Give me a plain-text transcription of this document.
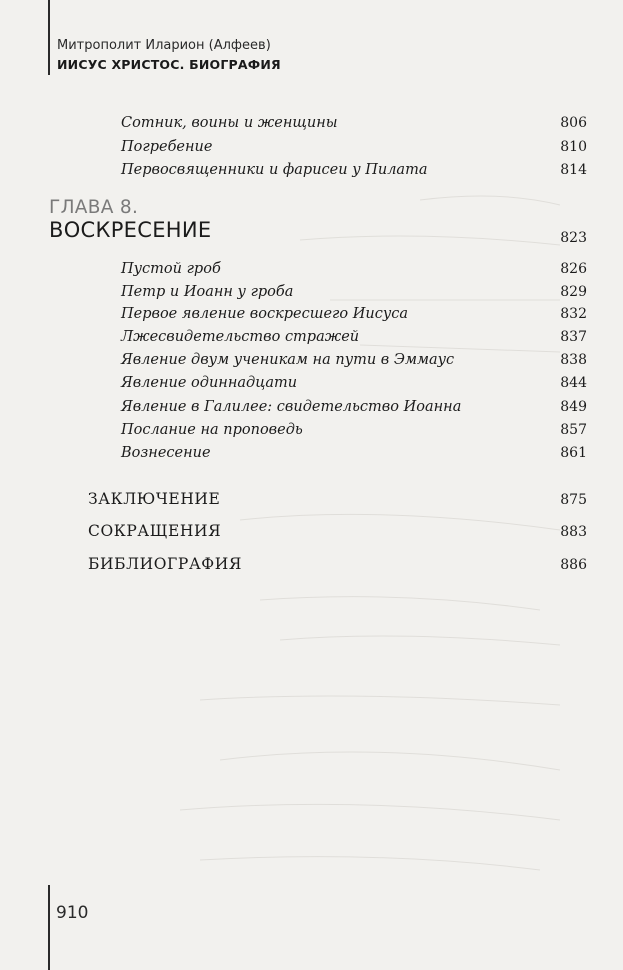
Митрополит Иларион (Алфеев)
ИИСУС ХРИСТОС. БИОГРАФИЯ
Сотник, воины и женщины	806
Погребение	810
Первосвященники и фарисеи у Пилата	814
ГЛАВА 8.
ВОСКРЕСЕНИЕ	823
Пустой гроб	826
Петр и Иоанн у гроба	829
Первое явление воскресшего Иисуса	832
Лжесвидетельство стражей	837
Явление двум ученикам на пути в Эммаус	838
Явление одиннадцати	844
Явление в Галилее: свидетельство Иоанна	849
Послание на проповедь	857
Вознесение	861
ЗАКЛЮЧЕНИЕ	875
СОКРАЩЕНИЯ	883
БИБЛИОГРАФИЯ	886
910
